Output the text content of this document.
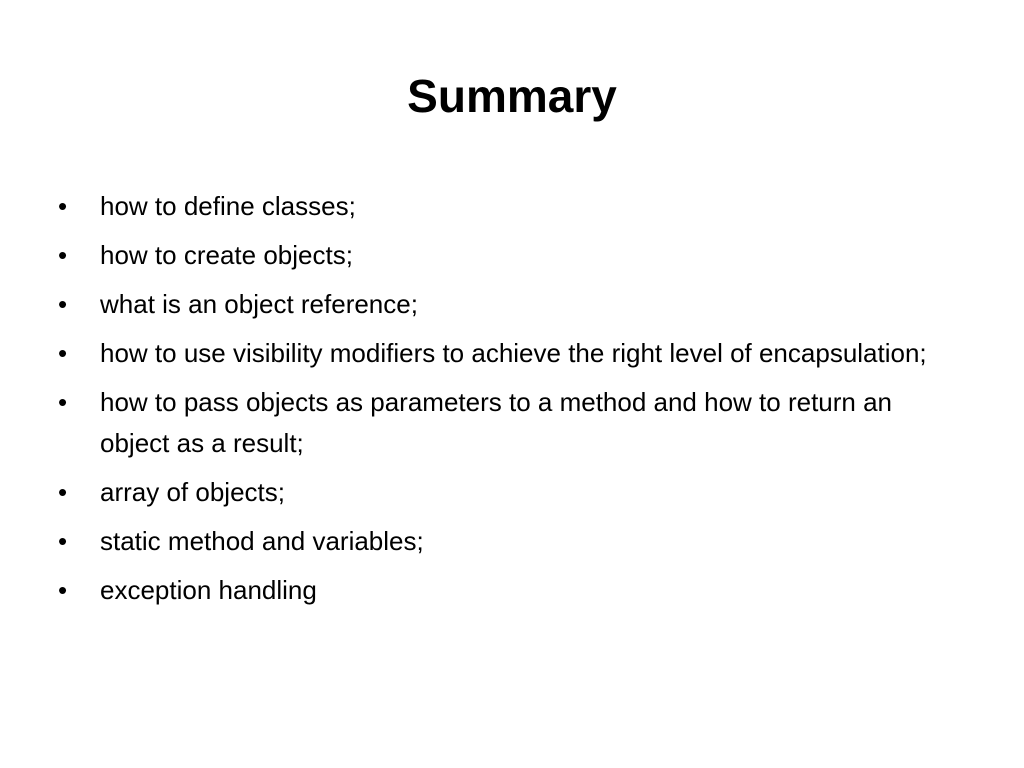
Summary
•	how to define classes;
•	how to create objects;
•	what is an object reference;
•	how to use visibility modifiers to achieve the right level of encapsulation;
•	how to pass objects as parameters to a method and how to return an object as a result;
•	array of objects;
•	static method and variables;
•	exception handling
